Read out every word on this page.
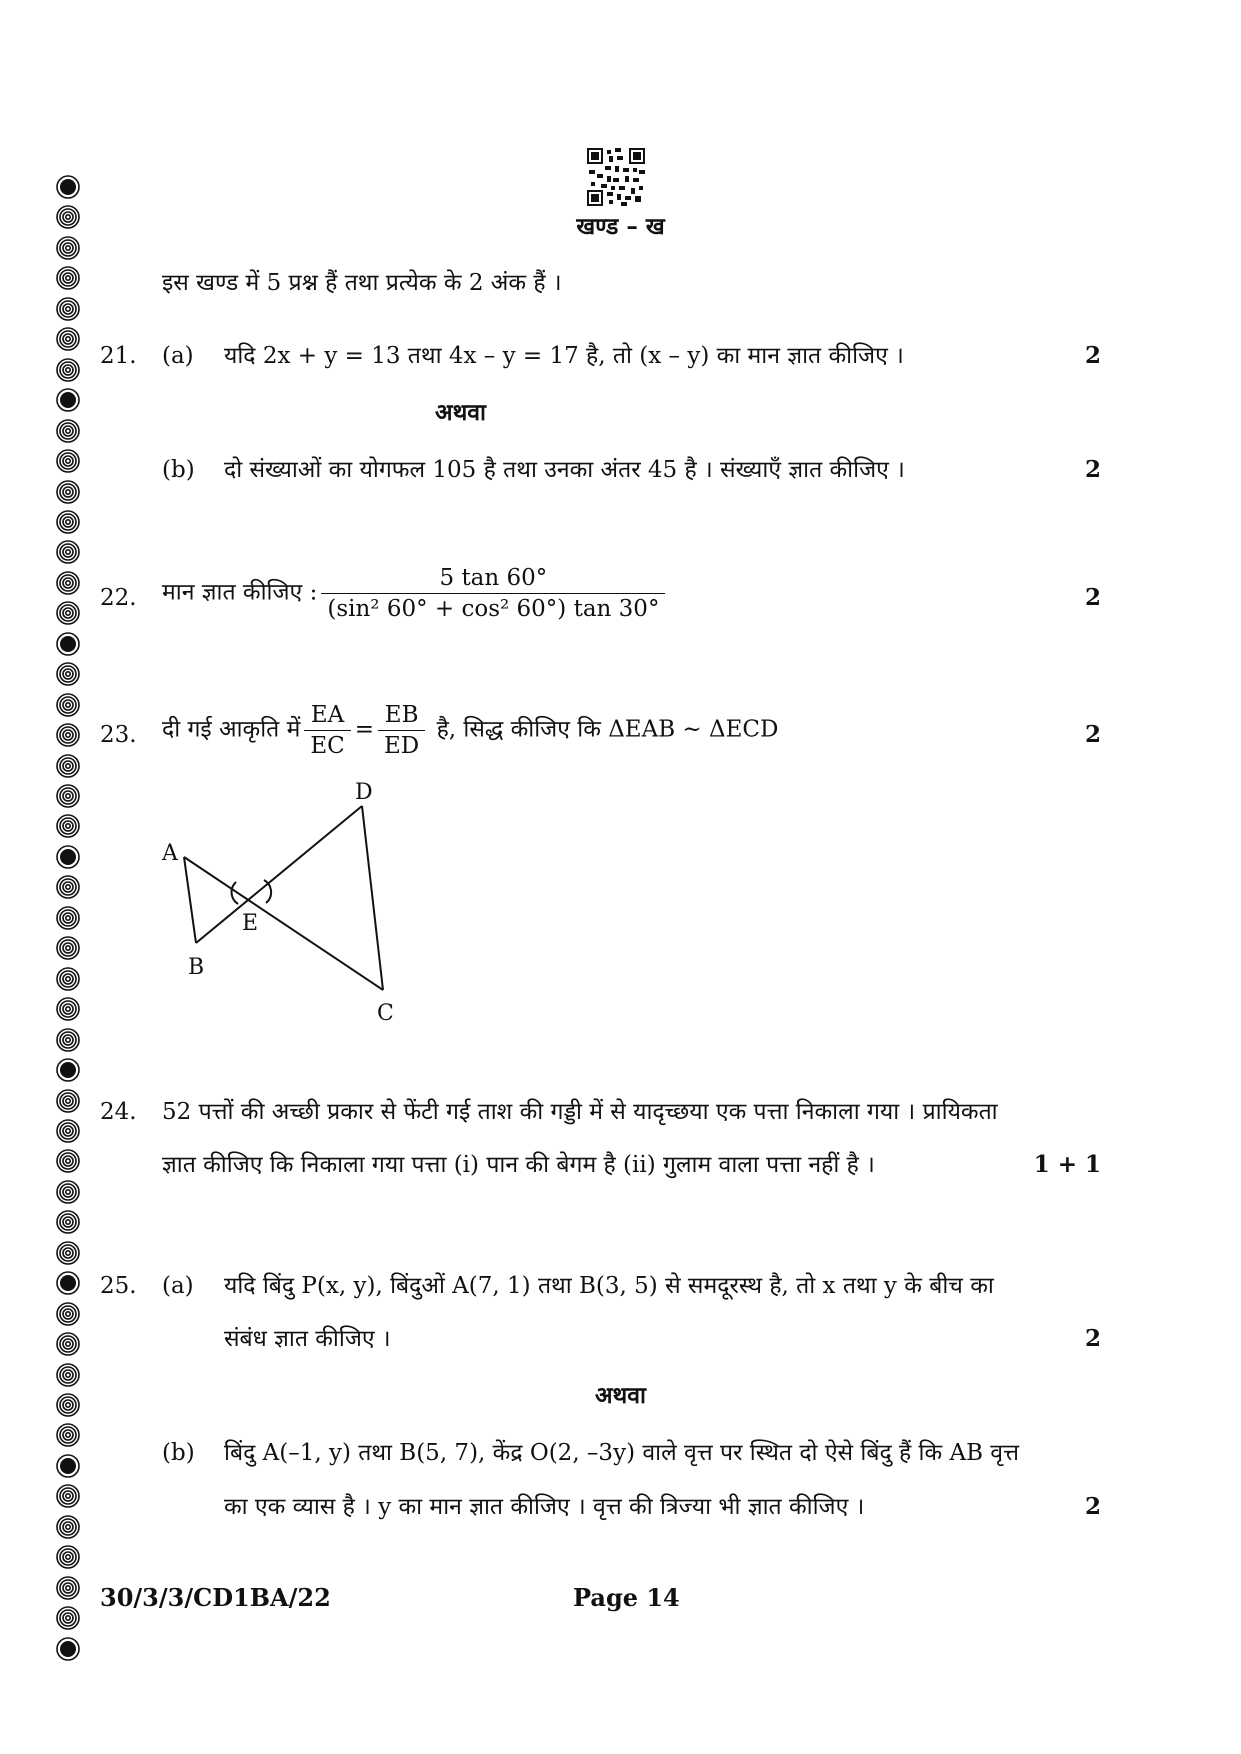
खण्ड – ख
इस खण्ड में 5 प्रश्न हैं तथा प्रत्येक के 2 अंक हैं ।
21. (a) यदि 2x + y = 13 तथा 4x – y = 17 है, तो (x – y) का मान ज्ञात कीजिए ।	2
अथवा
(b) दो संख्याओं का योगफल 105 है तथा उनका अंतर 45 है । संख्याएँ ज्ञात कीजिए ।	2
22. मान ज्ञात कीजिए : $\frac{5 \tan 60^\circ}{\text{(sin² 60° + cos² 60°) tan 30°}}$	2
23. दी गई आकृति में $\frac{EA}{EC} = \frac{EB}{ED}$ है, सिद्ध कीजिए कि ΔEAB ~ ΔECD	2
A
B
C
D
E
24. 52 पत्तों की अच्छी प्रकार से फेंटी गई ताश की गड्डी में से यादृच्छया एक पत्ता निकाला गया । प्रायिकता
ज्ञात कीजिए कि निकाला गया पत्ता (i) पान की बेगम है (ii) गुलाम वाला पत्ता नहीं है ।	1 + 1
25. (a) यदि बिंदु P(x, y), बिंदुओं A(7, 1) तथा B(3, 5) से समदूरस्थ है, तो x तथा y के बीच का
संबंध ज्ञात कीजिए ।	2
अथवा
(b) बिंदु A(–1, y) तथा B(5, 7), केंद्र O(2, –3y) वाले वृत्त पर स्थित दो ऐसे बिंदु हैं कि AB वृत्त
का एक व्यास है । y का मान ज्ञात कीजिए । वृत्त की त्रिज्या भी ज्ञात कीजिए ।	2
30/3/3/CD1BA/22	Page 14
